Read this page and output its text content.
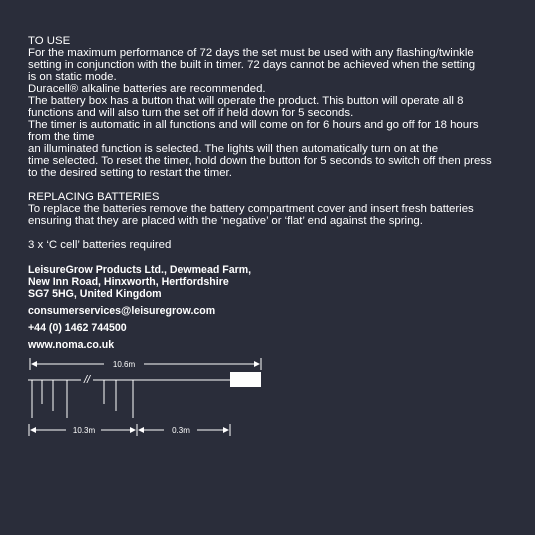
TO USE

For the maximum performance of 72 days the set must be used with any flashing/twinkle

setting in conjunction with the built in timer. 72 days cannot be achieved when the setting

is on static mode.

Duracell® alkaline batteries are recommended.

The battery box has a button that will operate the product. This button will operate all 8

functions and will also turn the set off if held down for 5 seconds.

The timer is automatic in all functions and will come on for 6 hours and go off for 18 hours

from the time

an illuminated function is selected. The lights will then automatically turn on at the

time selected. To reset the timer, hold down the button for 5 seconds to switch off then press

to the desired setting to restart the timer.

REPLACING BATTERIES

To replace the batteries remove the battery compartment cover and insert fresh batteries

ensuring that they are placed with the ‘negative’ or ‘flat’ end against the spring.

3 x ‘C cell’ batteries required

LeisureGrow Products Ltd., Dewmead Farm,

New Inn Road, Hinxworth, Hertfordshire

SG7 5HG, United Kingdom

consumerservices@leisuregrow.com

+44 (0) 1462 744500

www.noma.co.uk

10.6m
//
10.3m	0.3m
